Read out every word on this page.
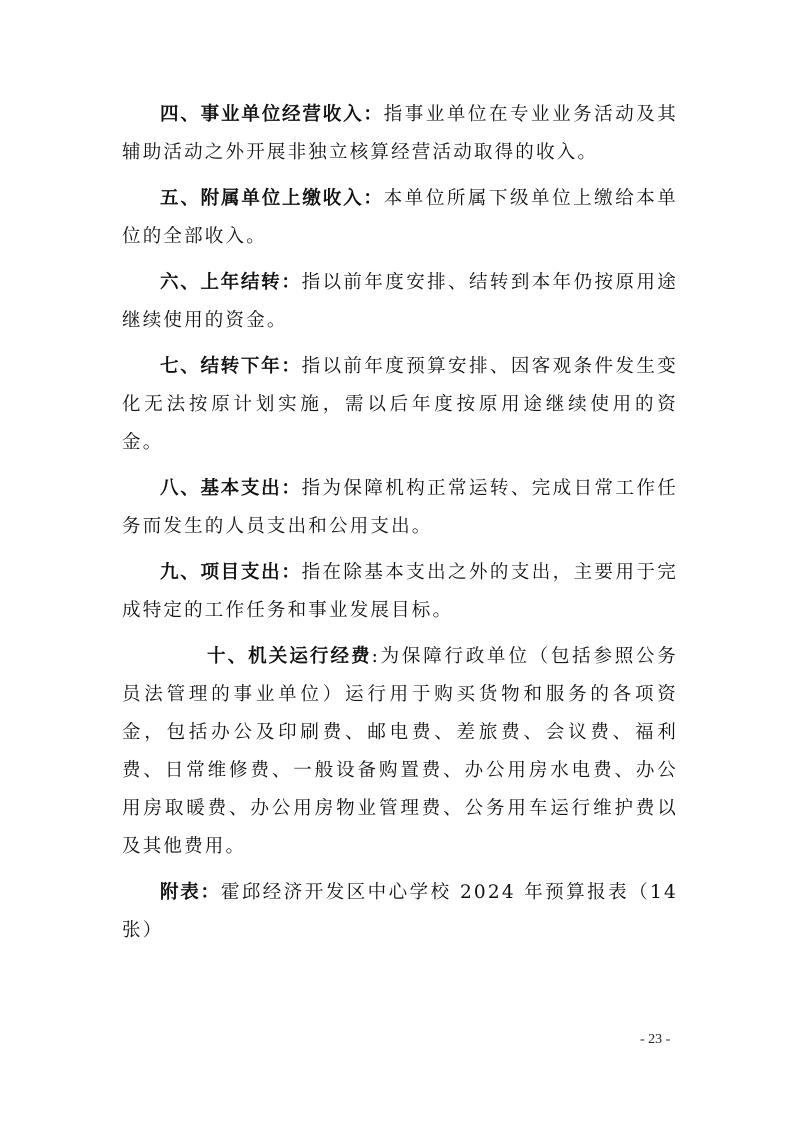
四、事业单位经营收入：指事业单位在专业业务活动及其辅助活动之外开展非独立核算经营活动取得的收入。

五、附属单位上缴收入：本单位所属下级单位上缴给本单位的全部收入。

六、上年结转：指以前年度安排、结转到本年仍按原用途继续使用的资金。

七、结转下年：指以前年度预算安排、因客观条件发生变化无法按原计划实施，需以后年度按原用途继续使用的资金。

八、基本支出：指为保障机构正常运转、完成日常工作任务而发生的人员支出和公用支出。

九、项目支出：指在除基本支出之外的支出，主要用于完成特定的工作任务和事业发展目标。

十、机关运行经费:为保障行政单位（包括参照公务员法管理的事业单位）运行用于购买货物和服务的各项资金，包括办公及印刷费、邮电费、差旅费、会议费、福利费、日常维修费、一般设备购置费、办公用房水电费、办公用房取暖费、办公用房物业管理费、公务用车运行维护费以及其他费用。

附表：霍邱经济开发区中心学校 2024 年预算报表（14 张）

- 23 -
